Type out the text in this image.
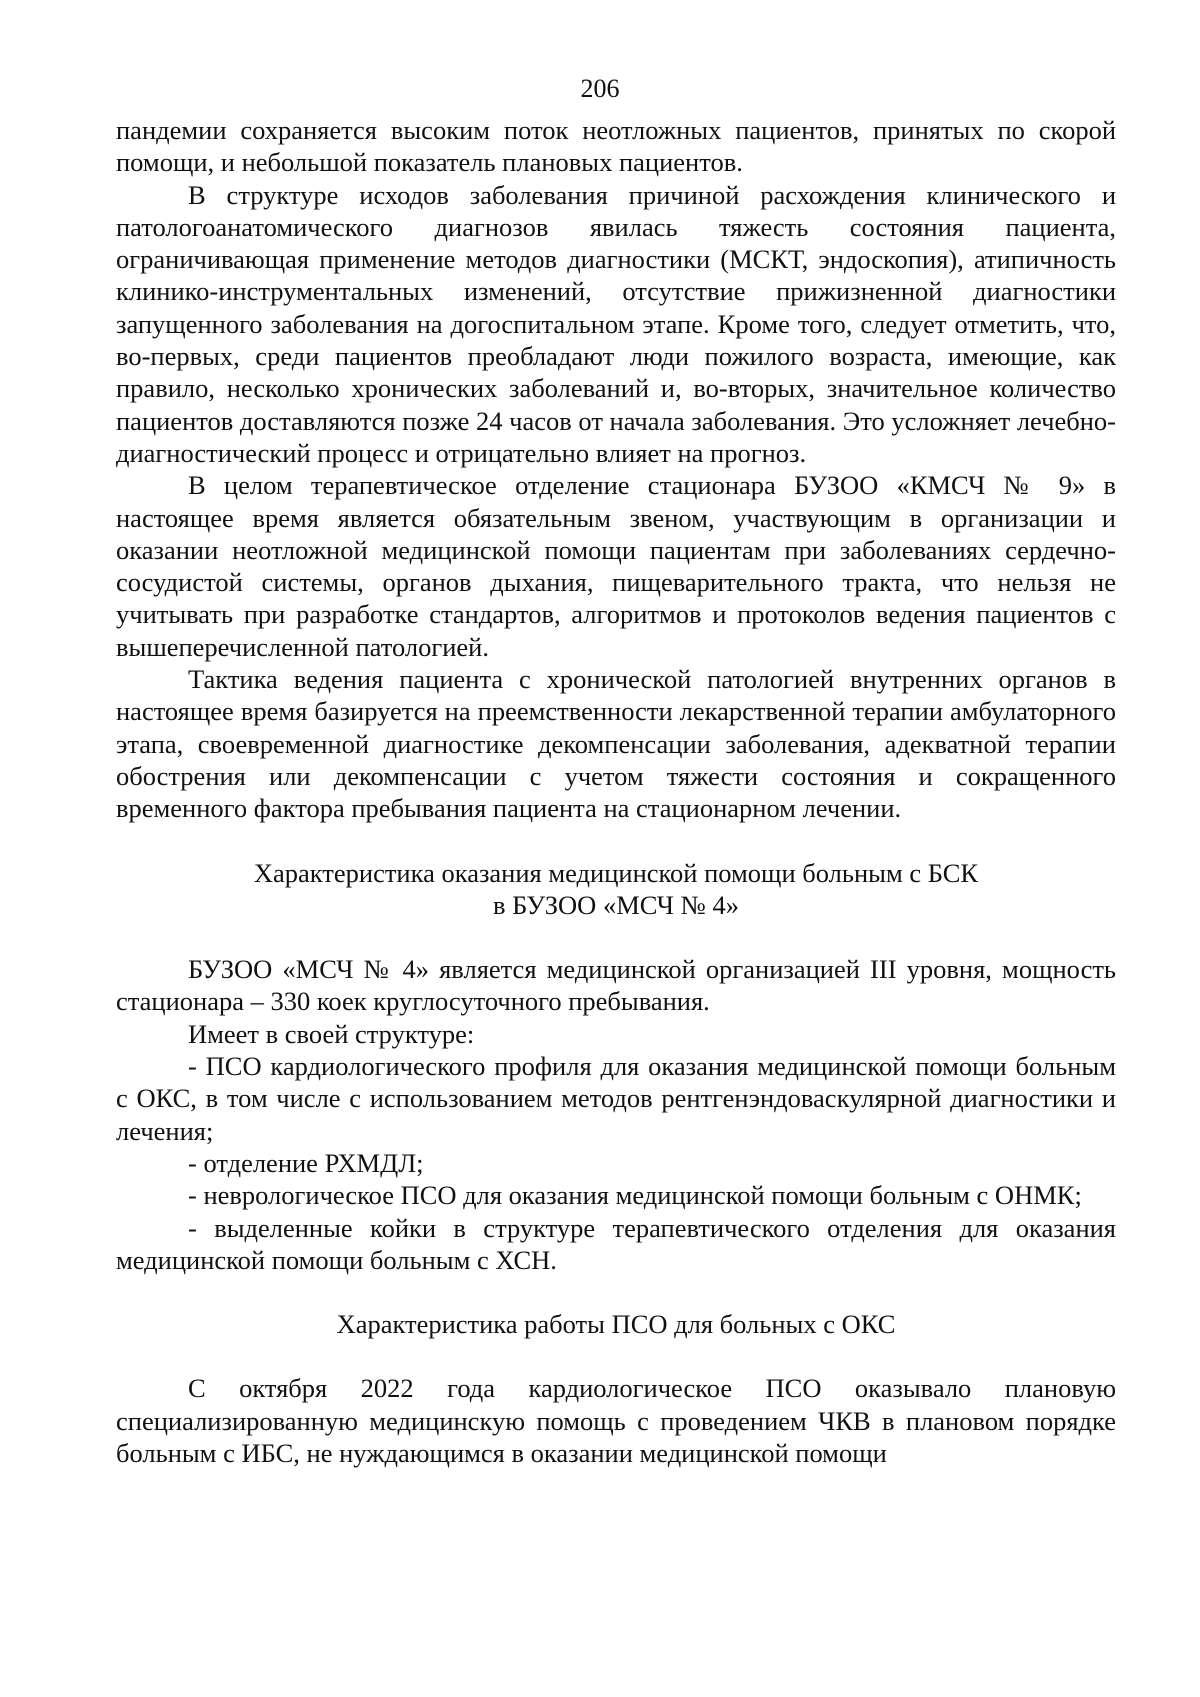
206

пандемии сохраняется высоким поток неотложных пациентов, принятых по скорой помощи, и небольшой показатель плановых пациентов.

В структуре исходов заболевания причиной расхождения клинического и патологоанатомического диагнозов явилась тяжесть состояния пациента, ограничивающая применение методов диагностики (МСКТ, эндоскопия), атипичность клинико-инструментальных изменений, отсутствие прижизненной диагностики запущенного заболевания на догоспитальном этапе. Кроме того, следует отметить, что, во-первых, среди пациентов преобладают люди пожилого возраста, имеющие, как правило, несколько хронических заболеваний и, во-вторых, значительное количество пациентов доставляются позже 24 часов от начала заболевания. Это усложняет лечебно-диагностический процесс и отрицательно влияет на прогноз.

В целом терапевтическое отделение стационара БУЗОО «КМСЧ № 9» в настоящее время является обязательным звеном, участвующим в организации и оказании неотложной медицинской помощи пациентам при заболеваниях сердечно-сосудистой системы, органов дыхания, пищеварительного тракта, что нельзя не учитывать при разработке стандартов, алгоритмов и протоколов ведения пациентов с вышеперечисленной патологией.

Тактика ведения пациента с хронической патологией внутренних органов в настоящее время базируется на преемственности лекарственной терапии амбулаторного этапа, своевременной диагностике декомпенсации заболевания, адекватной терапии обострения или декомпенсации с учетом тяжести состояния и сокращенного временного фактора пребывания пациента на стационарном лечении.

Характеристика оказания медицинской помощи больным с БСК
в БУЗОО «МСЧ № 4»

БУЗОО «МСЧ № 4» является медицинской организацией III уровня, мощность стационара – 330 коек круглосуточного пребывания.

Имеет в своей структуре:

- ПСО кардиологического профиля для оказания медицинской помощи больным с ОКС, в том числе с использованием методов рентгенэндоваскулярной диагностики и лечения;

- отделение РХМДЛ;

- неврологическое ПСО для оказания медицинской помощи больным с ОНМК;

- выделенные койки в структуре терапевтического отделения для оказания медицинской помощи больным с ХСН.

Характеристика работы ПСО для больных с ОКС

С октября 2022 года кардиологическое ПСО оказывало плановую специализированную медицинскую помощь с проведением ЧКВ в плановом порядке больным с ИБС, не нуждающимся в оказании медицинской помощи
